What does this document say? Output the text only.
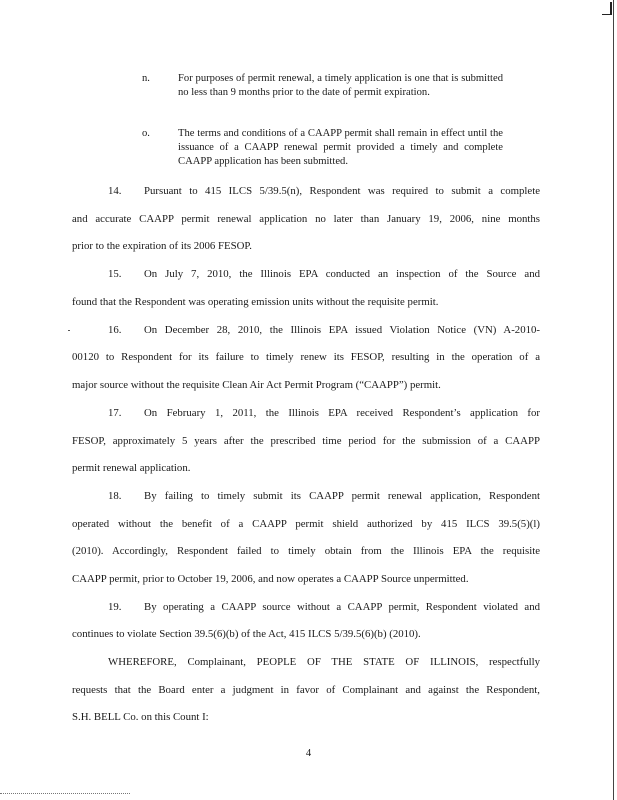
n.	For purposes of permit renewal, a timely application is one that is submitted no less than 9 months prior to the date of permit expiration.
o.	The terms and conditions of a CAAPP permit shall remain in effect until the issuance of a CAAPP renewal permit provided a timely and complete CAAPP application has been submitted.
14. Pursuant to 415 ILCS 5/39.5(n), Respondent was required to submit a complete
and accurate CAAPP permit renewal application no later than January 19, 2006, nine months
prior to the expiration of its 2006 FESOP.
15. On July 7, 2010, the Illinois EPA conducted an inspection of the Source and
found that the Respondent was operating emission units without the requisite permit.
16. On December 28, 2010, the Illinois EPA issued Violation Notice (VN) A-2010-
00120 to Respondent for its failure to timely renew its FESOP, resulting in the operation of a
major source without the requisite Clean Air Act Permit Program (“CAAPP”) permit.
17. On February 1, 2011, the Illinois EPA received Respondent’s application for
FESOP, approximately 5 years after the prescribed time period for the submission of a CAAPP
permit renewal application.
18. By failing to timely submit its CAAPP permit renewal application, Respondent
operated without the benefit of a CAAPP permit shield authorized by 415 ILCS 39.5(5)(l)
(2010). Accordingly, Respondent failed to timely obtain from the Illinois EPA the requisite
CAAPP permit, prior to October 19, 2006, and now operates a CAAPP Source unpermitted.
19. By operating a CAAPP source without a CAAPP permit, Respondent violated and
continues to violate Section 39.5(6)(b) of the Act, 415 ILCS 5/39.5(6)(b) (2010).
WHEREFORE, Complainant, PEOPLE OF THE STATE OF ILLINOIS, respectfully
requests that the Board enter a judgment in favor of Complainant and against the Respondent,
S.H. BELL Co. on this Count I:
4
